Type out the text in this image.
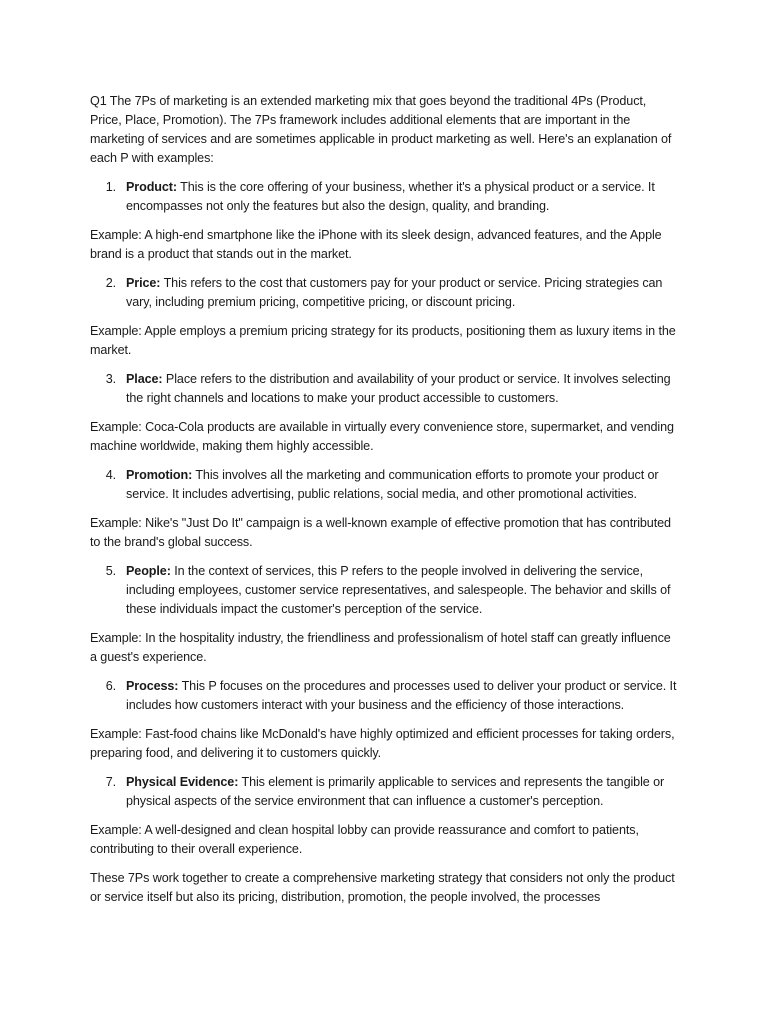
Q1 The 7Ps of marketing is an extended marketing mix that goes beyond the traditional 4Ps (Product, Price, Place, Promotion). The 7Ps framework includes additional elements that are important in the marketing of services and are sometimes applicable in product marketing as well. Here's an explanation of each P with examples:

1. Product: This is the core offering of your business, whether it's a physical product or a service. It encompasses not only the features but also the design, quality, and branding.

Example: A high-end smartphone like the iPhone with its sleek design, advanced features, and the Apple brand is a product that stands out in the market.

2. Price: This refers to the cost that customers pay for your product or service. Pricing strategies can vary, including premium pricing, competitive pricing, or discount pricing.

Example: Apple employs a premium pricing strategy for its products, positioning them as luxury items in the market.

3. Place: Place refers to the distribution and availability of your product or service. It involves selecting the right channels and locations to make your product accessible to customers.

Example: Coca-Cola products are available in virtually every convenience store, supermarket, and vending machine worldwide, making them highly accessible.

4. Promotion: This involves all the marketing and communication efforts to promote your product or service. It includes advertising, public relations, social media, and other promotional activities.

Example: Nike's "Just Do It" campaign is a well-known example of effective promotion that has contributed to the brand's global success.

5. People: In the context of services, this P refers to the people involved in delivering the service, including employees, customer service representatives, and salespeople. The behavior and skills of these individuals impact the customer's perception of the service.

Example: In the hospitality industry, the friendliness and professionalism of hotel staff can greatly influence a guest's experience.

6. Process: This P focuses on the procedures and processes used to deliver your product or service. It includes how customers interact with your business and the efficiency of those interactions.

Example: Fast-food chains like McDonald's have highly optimized and efficient processes for taking orders, preparing food, and delivering it to customers quickly.

7. Physical Evidence: This element is primarily applicable to services and represents the tangible or physical aspects of the service environment that can influence a customer's perception.

Example: A well-designed and clean hospital lobby can provide reassurance and comfort to patients, contributing to their overall experience.

These 7Ps work together to create a comprehensive marketing strategy that considers not only the product or service itself but also its pricing, distribution, promotion, the people involved, the processes
